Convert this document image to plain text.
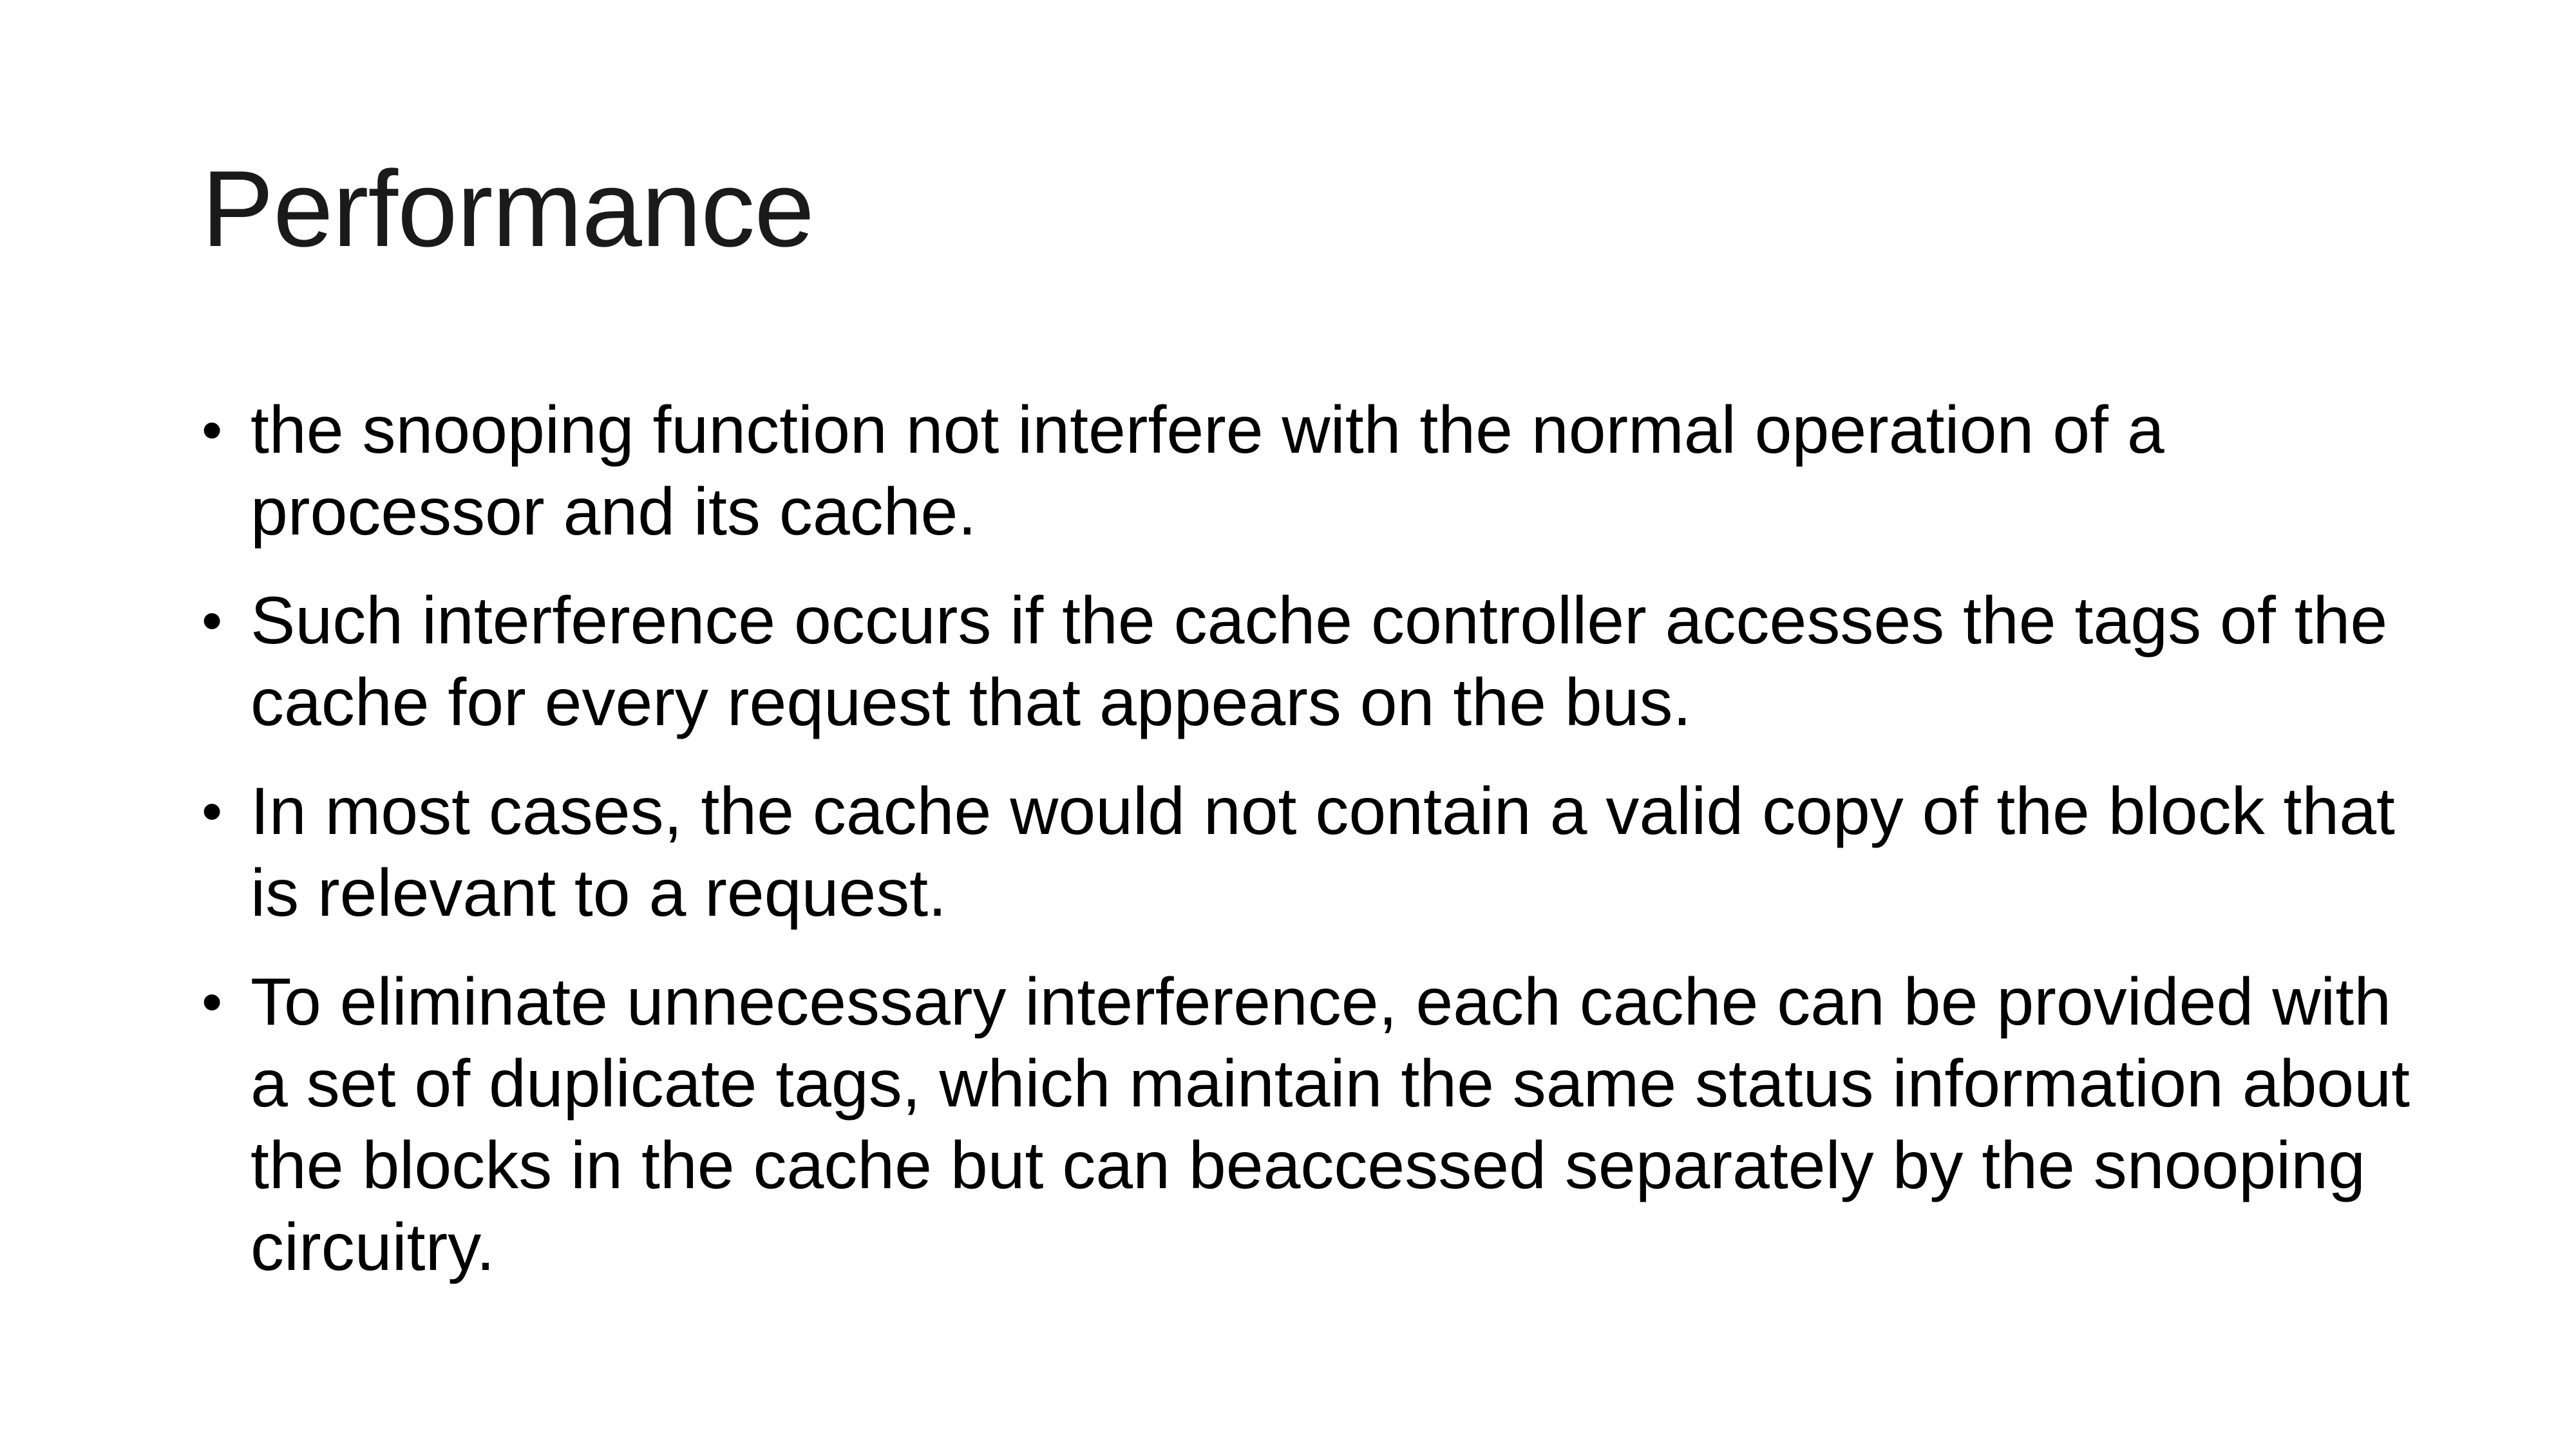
Performance
• the snooping function not interfere with the normal operation of a processor and its cache.
• Such interference occurs if the cache controller accesses the tags of the cache for every request that appears on the bus.
• In most cases, the cache would not contain a valid copy of the block that is relevant to a request.
• To eliminate unnecessary interference, each cache can be provided with a set of duplicate tags, which maintain the same status information about the blocks in the cache but can beaccessed separately by the snooping circuitry.
